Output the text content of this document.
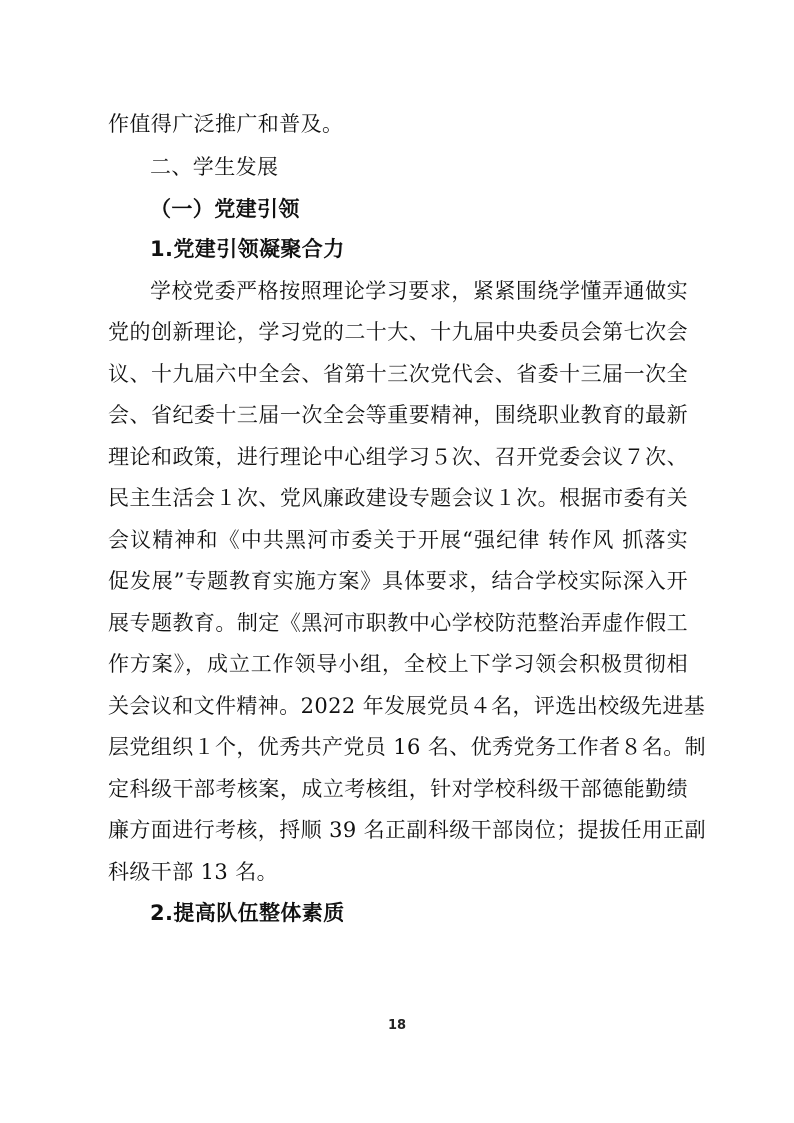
作值得广泛推广和普及。
二、学生发展
（一）党建引领
1.党建引领凝聚合力
学校党委严格按照理论学习要求，紧紧围绕学懂弄通做实
党的创新理论，学习党的二十大、十九届中央委员会第七次会
议、十九届六中全会、省第十三次党代会、省委十三届一次全
会、省纪委十三届一次全会等重要精神，围绕职业教育的最新
理论和政策，进行理论中心组学习５次、召开党委会议７次、
民主生活会１次、党风廉政建设专题会议１次。根据市委有关
会议精神和《中共黑河市委关于开展“强纪律 转作风 抓落实
促发展”专题教育实施方案》具体要求，结合学校实际深入开
展专题教育。制定《黑河市职教中心学校防范整治弄虚作假工
作方案》，成立工作领导小组，全校上下学习领会积极贯彻相
关会议和文件精神。2022 年发展党员４名，评选出校级先进基
层党组织１个，优秀共产党员 16 名、优秀党务工作者８名。制
定科级干部考核案，成立考核组，针对学校科级干部德能勤绩
廉方面进行考核，捋顺 39 名正副科级干部岗位；提拔任用正副
科级干部 13 名。
2.提高队伍整体素质
18
